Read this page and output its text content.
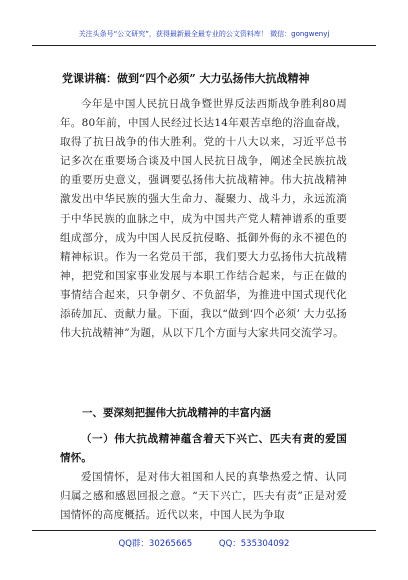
关注头条号“公文研究”，获得最新最全最专业的公文资料库！ 微信：gongwenyj
党课讲稿：做到“四个必须” 大力弘扬伟大抗战精神

今年是中国人民抗日战争暨世界反法西斯战争胜利80周年。80年前，中国人民经过长达14年艰苦卓绝的浴血奋战，取得了抗日战争的伟大胜利。党的十八大以来，习近平总书记多次在重要场合谈及中国人民抗日战争，阐述全民族抗战的重要历史意义，强调要弘扬伟大抗战精神。伟大抗战精神激发出中华民族的强大生命力、凝聚力、战斗力，永远流淌于中华民族的血脉之中，成为中国共产党人精神谱系的重要组成部分，成为中国人民反抗侵略、抵御外侮的永不褪色的精神标识。作为一名党员干部，我们要大力弘扬伟大抗战精神，把党和国家事业发展与本职工作结合起来，与正在做的事情结合起来，只争朝夕、不负韶华，为推进中国式现代化添砖加瓦、贡献力量。下面，我以“做到‘四个必须’ 大力弘扬伟大抗战精神”为题，从以下几个方面与大家共同交流学习。

一、要深刻把握伟大抗战精神的丰富内涵

（一）伟大抗战精神蕴含着天下兴亡、匹夫有责的爱国情怀。

爱国情怀，是对伟大祖国和人民的真挚热爱之情、认同归属之感和感恩回报之意。“天下兴亡，匹夫有责”正是对爱国情怀的高度概括。近代以来，中国人民为争取

QQ群：30265665	QQ：535304092
